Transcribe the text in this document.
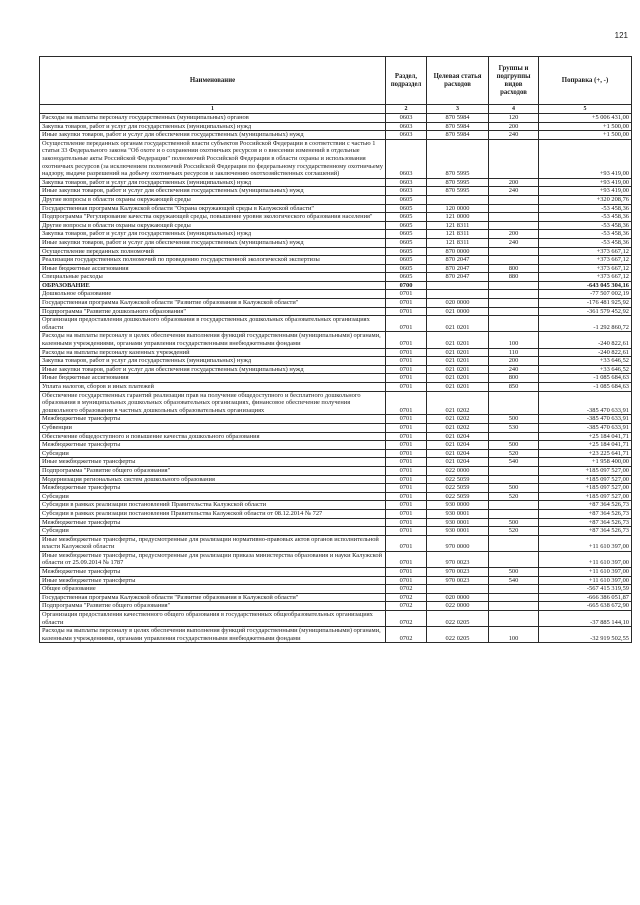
121
Наименование	Раздел, подраздел	Целевая статья расходов	Группы и подгруппы видов расходов	Поправка (+, -)
1	2	3	4	5
Расходы на выплаты персоналу государственных (муниципальных) органов	0603	870 5984	120	+5 006 431,00
Закупка товаров, работ и услуг для государственных (муниципальных) нужд	0603	870 5984	200	+1 500,00
Иные закупки товаров, работ и услуг для обеспечения государственных (муниципальных) нужд	0603	870 5984	240	+1 500,00
Осуществление переданных органам государственной власти субъектов Российской Федерации в соответствии с частью 1 статьи 33 Федерального закона "Об охоте и о сохранении охотничьих ресурсов и о внесении изменений в отдельные законодательные акты Российской Федерации" полномочий Российской Федерации в области охраны и использования охотничьих ресурсов (за исключением полномочий Российской Федерации по федеральному государственному охотничьему надзору, выдаче разрешений на добычу охотничьих ресурсов и заключению охотхозяйственных соглашений)	0603	870 5995		+93 419,00
Закупка товаров, работ и услуг для государственных (муниципальных) нужд	0603	870 5995	200	+93 419,00
Иные закупки товаров, работ и услуг для обеспечения государственных (муниципальных) нужд	0603	870 5995	240	+93 419,00
Другие вопросы в области охраны окружающей среды	0605			+320 208,76
Государственная программа Калужской области "Охрана окружающей среды в Калужской области"	0605	120 0000		-53 458,36
Подпрограмма "Регулирование качества окружающей среды, повышение уровня экологического образования населения"	0605	121 0000		-53 458,36
Другие вопросы в области охраны окружающей среды	0605	121 8311		-53 458,36
Закупка товаров, работ и услуг для государственных (муниципальных) нужд	0605	121 8311	200	-53 458,36
Иные закупки товаров, работ и услуг для обеспечения государственных (муниципальных) нужд	0605	121 8311	240	-53 458,36
Осуществление переданных полномочий	0605	870 0000		+373 667,12
Реализация государственных полномочий по проведению государственной экологической экспертизы	0605	870 2047		+373 667,12
Иные бюджетные ассигнования	0605	870 2047	800	+373 667,12
Специальные расходы	0605	870 2047	880	+373 667,12
ОБРАЗОВАНИЕ	0700			-643 045 304,16
Дошкольное образование	0701			-77 507 002,19
Государственная программа Калужской области "Развитие образования в Калужской области"	0701	020 0000		-176 481 925,92
Подпрограмма "Развитие дошкольного образования"	0701	021 0000		-361 579 452,92
Организация предоставления дошкольного образования в государственных дошкольных образовательных организациях области	0701	021 0201		-1 292 860,72
Расходы на выплаты персоналу в целях обеспечения выполнения функций государственными (муниципальными) органами, казенными учреждениями, органами управления государственными внебюджетными фондами	0701	021 0201	100	-240 822,61
Расходы на выплаты персоналу казенных учреждений	0701	021 0201	110	-240 822,61
Закупка товаров, работ и услуг для государственных (муниципальных) нужд	0701	021 0201	200	+33 646,52
Иные закупки товаров, работ и услуг для обеспечения государственных (муниципальных) нужд	0701	021 0201	240	+33 646,52
Иные бюджетные ассигнования	0701	021 0201	800	-1 085 684,63
Уплата налогов, сборов и иных платежей	0701	021 0201	850	-1 085 684,63
Обеспечение государственных гарантий реализации прав на получение общедоступного и бесплатного дошкольного образования в муниципальных дошкольных образовательных организациях, финансовое обеспечение получения дошкольного образования в частных дошкольных образовательных организациях	0701	021 0202		-385 470 633,91
Межбюджетные трансферты	0701	021 0202	500	-385 470 633,91
Субвенции	0701	021 0202	530	-385 470 633,91
Обеспечение общедоступного и повышение качества дошкольного образования	0701	021 0204		+25 184 041,71
Межбюджетные трансферты	0701	021 0204	500	+25 184 041,71
Субсидии	0701	021 0204	520	+23 225 641,71
Иные межбюджетные трансферты	0701	021 0204	540	+1 958 400,00
Подпрограмма "Развитие общего образования"	0701	022 0000		+185 097 527,00
Модернизация региональных систем дошкольного образования	0701	022 5059		+185 097 527,00
Межбюджетные трансферты	0701	022 5059	500	+185 097 527,00
Субсидии	0701	022 5059	520	+185 097 527,00
Субсидии в рамках реализации постановлений Правительства Калужской области	0701	930 0000		+87 364 526,73
Субсидии в рамках реализации постановления Правительства Калужской области от 08.12.2014 № 727	0701	930 0001		+87 364 526,73
Межбюджетные трансферты	0701	930 0001	500	+87 364 526,73
Субсидии	0701	930 0001	520	+87 364 526,73
Иные межбюджетные трансферты, предусмотренные для реализации нормативно-правовых актов органов исполнительной власти Калужской области	0701	970 0000		+11 610 397,00
Иные межбюджетные трансферты, предусмотренные для реализации приказа министерства образования и науки Калужской области от 25.09.2014 № 1787	0701	970 0023		+11 610 397,00
Межбюджетные трансферты	0701	970 0023	500	+11 610 397,00
Иные межбюджетные трансферты	0701	970 0023	540	+11 610 397,00
Общее образование	0702			-567 415 319,59
Государственная программа Калужской области "Развитие образования в Калужской области"	0702	020 0000		-666 386 051,87
Подпрограмма "Развитие общего образования"	0702	022 0000		-665 638 672,90
Организация предоставления качественного общего образования в государственных общеобразовательных организациях области	0702	022 0205		-37 885 144,10
Расходы на выплаты персоналу в целях обеспечения выполнения функций государственными (муниципальными) органами, казенными учреждениями, органами управления государственными внебюджетными фондами	0702	022 0205	100	-32 919 502,55
